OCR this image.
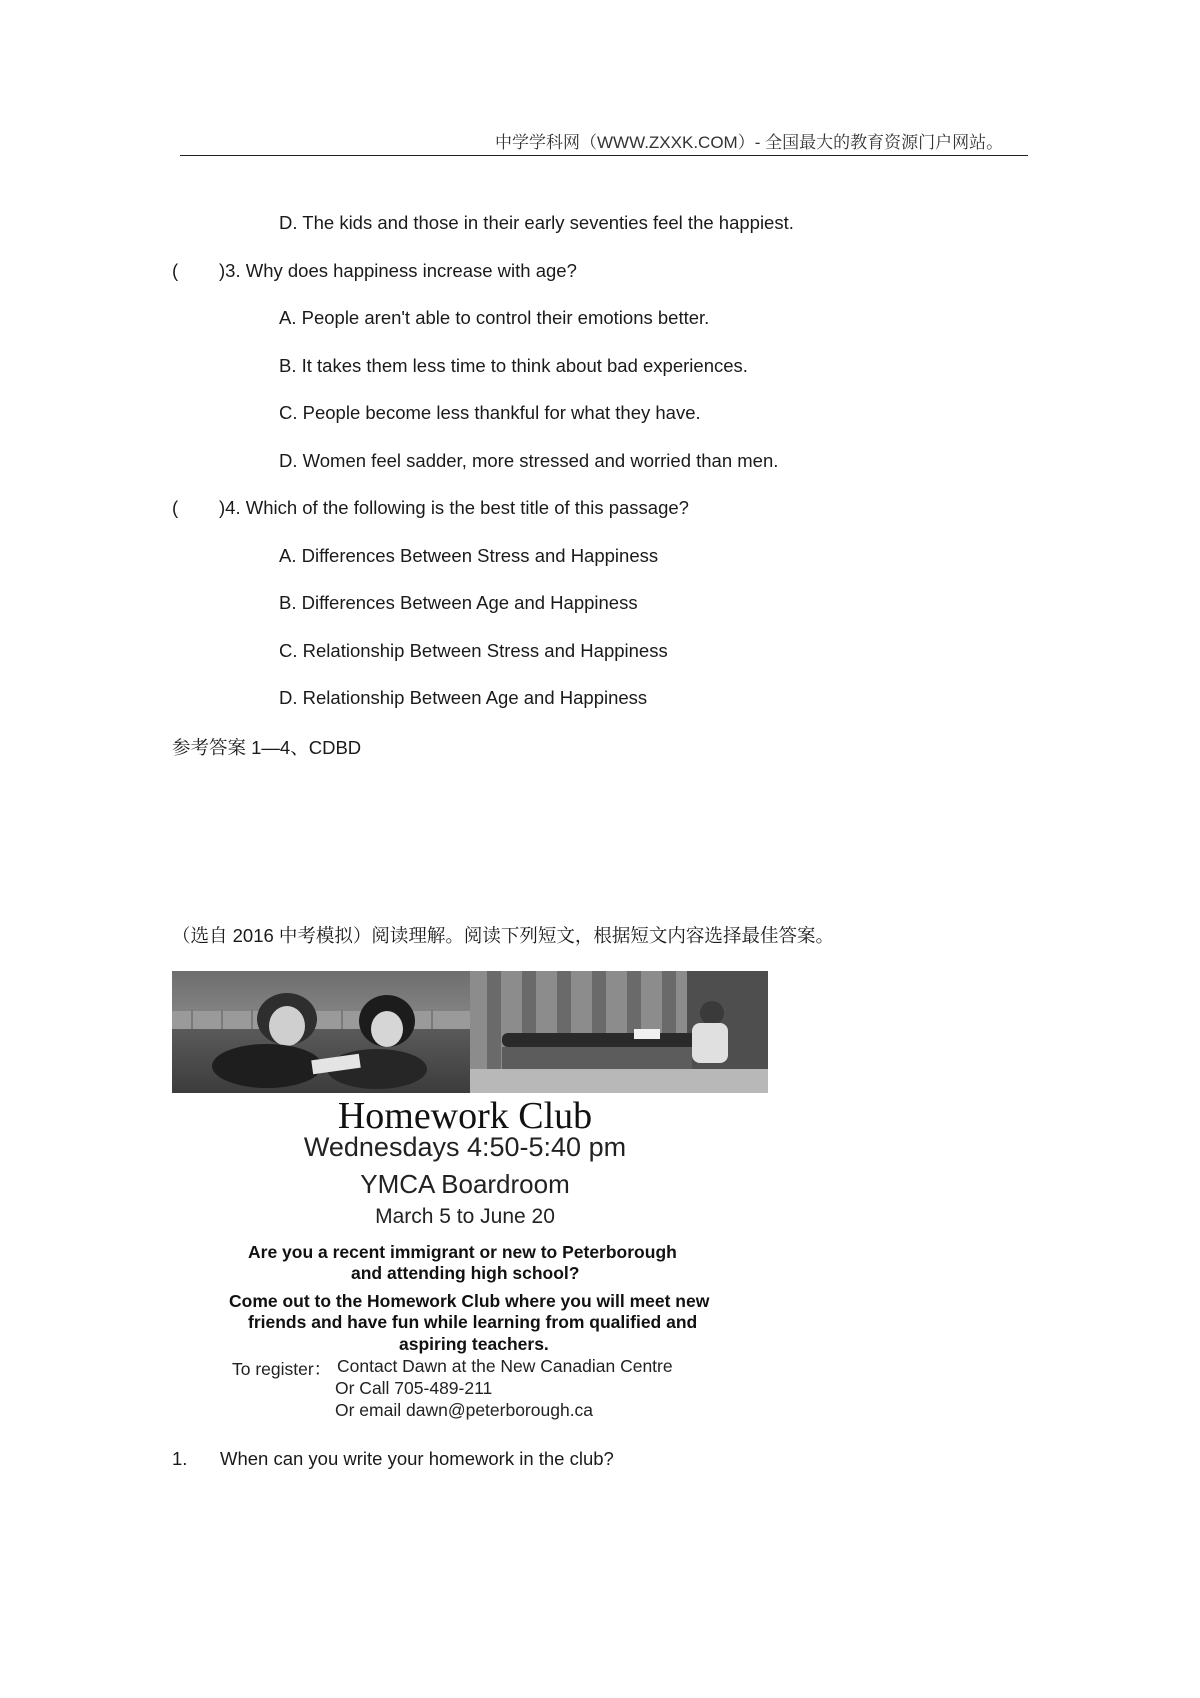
中学学科网（WWW.ZXXK.COM）- 全国最大的教育资源门户网站。
D. The kids and those in their early seventies feel the happiest.
( )3. Why does happiness increase with age?
A. People aren't able to control their emotions better.
B. It takes them less time to think about bad experiences.
C. People become less thankful for what they have.
D. Women feel sadder, more stressed and worried than men.
( )4. Which of the following is the best title of this passage?
A. Differences Between Stress and Happiness
B. Differences Between Age and Happiness
C. Relationship Between Stress and Happiness
D. Relationship Between Age and Happiness
参考答案 1—4、CDBD
（选自 2016 中考模拟）阅读理解。阅读下列短文，根据短文内容选择最佳答案。
Homework Club
Wednesdays 4:50-5:40 pm
YMCA Boardroom
March 5 to June 20
Are you a recent immigrant or new to Peterborough
and attending high school?
Come out to the Homework Club where you will meet new
friends and have fun while learning from qualified and
aspiring teachers.
To register： Contact Dawn at the New Canadian Centre
Or Call 705-489-211
Or email dawn@peterborough.ca
1. When can you write your homework in the club?
